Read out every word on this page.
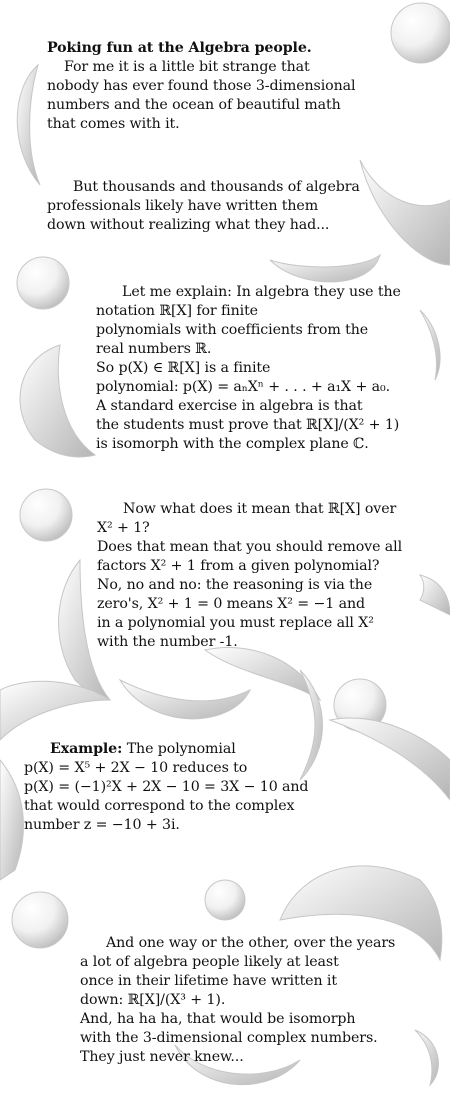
Poking fun at the Algebra people.
For me it is a little bit strange that
nobody has ever found those 3-dimensional
numbers and the ocean of beautiful math
that comes with it.
But thousands and thousands of algebra
professionals likely have written them
down without realizing what they had...
Let me explain: In algebra they use the
notation ℝ[X] for finite
polynomials with coefficients from the
real numbers ℝ.
So p(X) ∈ ℝ[X] is a finite
polynomial: p(X) = aₙXⁿ + . . . + a₁X + a₀.
A standard exercise in algebra is that
the students must prove that ℝ[X]/(X² + 1)
is isomorph with the complex plane ℂ.
Now what does it mean that ℝ[X] over
X² + 1?
Does that mean that you should remove all
factors X² + 1 from a given polynomial?
No, no and no: the reasoning is via the
zero's, X² + 1 = 0 means X² = −1 and
in a polynomial you must replace all X²
with the number -1.
Example: The polynomial
p(X) = X⁵ + 2X − 10 reduces to
p(X) = (−1)²X + 2X − 10 = 3X − 10 and
that would correspond to the complex
number z = −10 + 3i.
And one way or the other, over the years
a lot of algebra people likely at least
once in their lifetime have written it
down: ℝ[X]/(X³ + 1).
And, ha ha ha, that would be isomorph
with the 3-dimensional complex numbers.
They just never knew...
